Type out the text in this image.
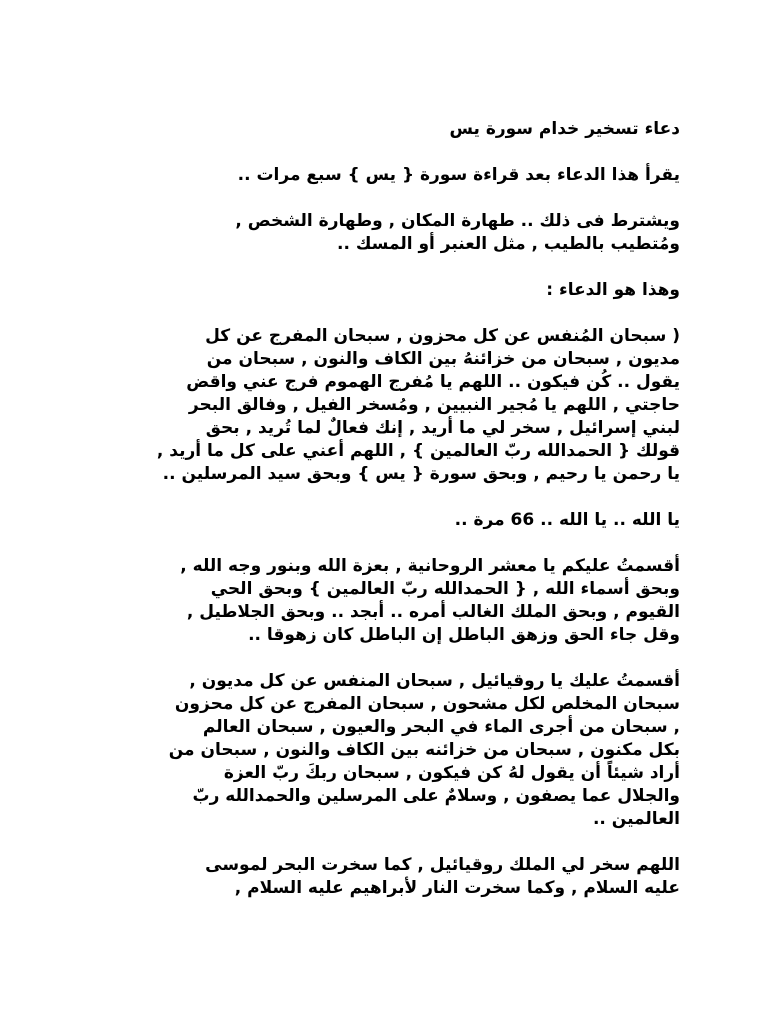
دعاء تسخير خدام سورة يس

يقرأ هذا الدعاء بعد قراءة سورة { يس } سبع مرات ..

ويشترط فى ذلك .. طهارة المكان , وطهارة الشخص ,
ومُتطيب بالطيب , مثل العنبر أو المسك ..

وهذا هو الدعاء :

( سبحان المُنفس عن كل محزون , سبحان المفرج عن كل
مديون , سبحان من خزائنهُ بين الكاف والنون , سبحان من
يقول .. كُن فيكون .. اللهم يا مُفرج الهموم فرج عني واقض
حاجتي , اللهم يا مُجير النبيين , ومُسخر الفيل , وفالق البحر
لبني إسرائيل , سخر لي ما أريد , إنك فعالٌ لما تُريد , بحق
قولك { الحمدالله ربّ العالمين } , اللهم أعني على كل ما أريد ,
يا رحمن يا رحيم , وبحق سورة { يس } وبحق سيد المرسلين ..

يا الله .. يا الله .. 66 مرة ..

أقسمتُ عليكم يا معشر الروحانية , بعزة الله وبنور وجه الله ,
وبحق أسماء الله , { الحمدالله ربّ العالمين } وبحق الحي
القيوم , وبحق الملك الغالب أمره .. أبجد .. وبحق الجلاطيل ,
وقل جاء الحق وزهق الباطل إن الباطل كان زهوقا ..

أقسمتُ عليك يا روقيائيل , سبحان المنفس عن كل مديون ,
سبحان المخلص لكل مشحون , سبحان المفرج عن كل محزون
, سبحان من أجرى الماء في البحر والعيون , سبحان العالم
بكل مكنون , سبحان من خزائنه بين الكاف والنون , سبحان من
أراد شيئاً أن يقول لهُ كن فيكون , سبحان ربكَ ربّ العزة
والجلال عما يصفون , وسلامٌ على المرسلين والحمدالله ربّ
العالمين ..

اللهم سخر لي الملك روقيائيل , كما سخرت البحر لموسى
عليه السلام , وكما سخرت النار لأبراهيم عليه السلام ,
